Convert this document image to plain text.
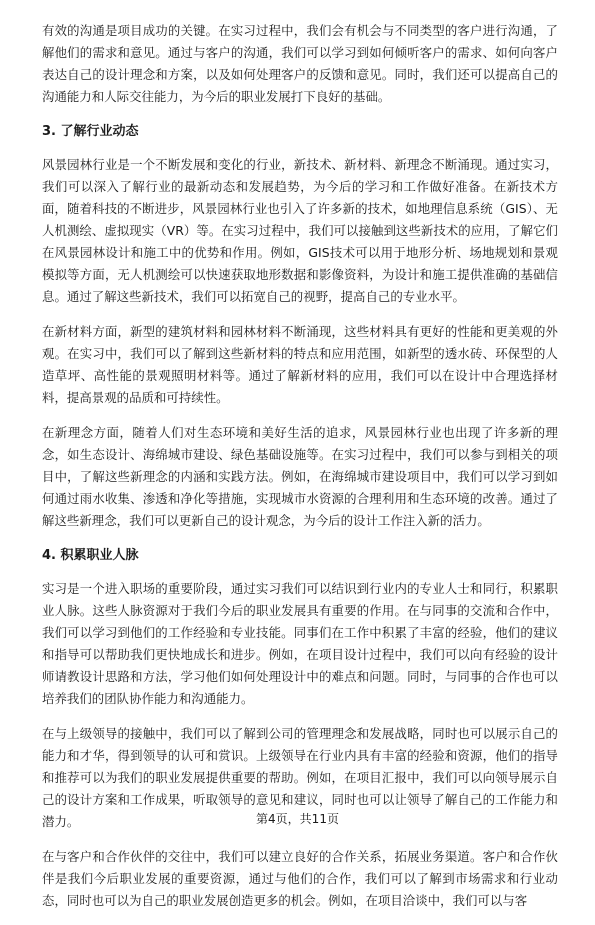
有效的沟通是项目成功的关键。在实习过程中，我们会有机会与不同类型的客户进行沟通，了解他们的需求和意见。通过与客户的沟通，我们可以学习到如何倾听客户的需求、如何向客户表达自己的设计理念和方案，以及如何处理客户的反馈和意见。同时，我们还可以提高自己的沟通能力和人际交往能力，为今后的职业发展打下良好的基础。

3. 了解行业动态

风景园林行业是一个不断发展和变化的行业，新技术、新材料、新理念不断涌现。通过实习，我们可以深入了解行业的最新动态和发展趋势，为今后的学习和工作做好准备。在新技术方面，随着科技的不断进步，风景园林行业也引入了许多新的技术，如地理信息系统（GIS）、无人机测绘、虚拟现实（VR）等。在实习过程中，我们可以接触到这些新技术的应用，了解它们在风景园林设计和施工中的优势和作用。例如，GIS技术可以用于地形分析、场地规划和景观模拟等方面，无人机测绘可以快速获取地形数据和影像资料，为设计和施工提供准确的基础信息。通过了解这些新技术，我们可以拓宽自己的视野，提高自己的专业水平。

在新材料方面，新型的建筑材料和园林材料不断涌现，这些材料具有更好的性能和更美观的外观。在实习中，我们可以了解到这些新材料的特点和应用范围，如新型的透水砖、环保型的人造草坪、高性能的景观照明材料等。通过了解新材料的应用，我们可以在设计中合理选择材料，提高景观的品质和可持续性。

在新理念方面，随着人们对生态环境和美好生活的追求，风景园林行业也出现了许多新的理念，如生态设计、海绵城市建设、绿色基础设施等。在实习过程中，我们可以参与到相关的项目中，了解这些新理念的内涵和实践方法。例如，在海绵城市建设项目中，我们可以学习到如何通过雨水收集、渗透和净化等措施，实现城市水资源的合理利用和生态环境的改善。通过了解这些新理念，我们可以更新自己的设计观念，为今后的设计工作注入新的活力。

4. 积累职业人脉

实习是一个进入职场的重要阶段，通过实习我们可以结识到行业内的专业人士和同行，积累职业人脉。这些人脉资源对于我们今后的职业发展具有重要的作用。在与同事的交流和合作中，我们可以学习到他们的工作经验和专业技能。同事们在工作中积累了丰富的经验，他们的建议和指导可以帮助我们更快地成长和进步。例如，在项目设计过程中，我们可以向有经验的设计师请教设计思路和方法，学习他们如何处理设计中的难点和问题。同时，与同事的合作也可以培养我们的团队协作能力和沟通能力。

在与上级领导的接触中，我们可以了解到公司的管理理念和发展战略，同时也可以展示自己的能力和才华，得到领导的认可和赏识。上级领导在行业内具有丰富的经验和资源，他们的指导和推荐可以为我们的职业发展提供重要的帮助。例如，在项目汇报中，我们可以向领导展示自己的设计方案和工作成果，听取领导的意见和建议，同时也可以让领导了解自己的工作能力和潜力。

在与客户和合作伙伴的交往中，我们可以建立良好的合作关系，拓展业务渠道。客户和合作伙伴是我们今后职业发展的重要资源，通过与他们的合作，我们可以了解到市场需求和行业动态，同时也可以为自己的职业发展创造更多的机会。例如，在项目洽谈中，我们可以与客

第4页，共11页
